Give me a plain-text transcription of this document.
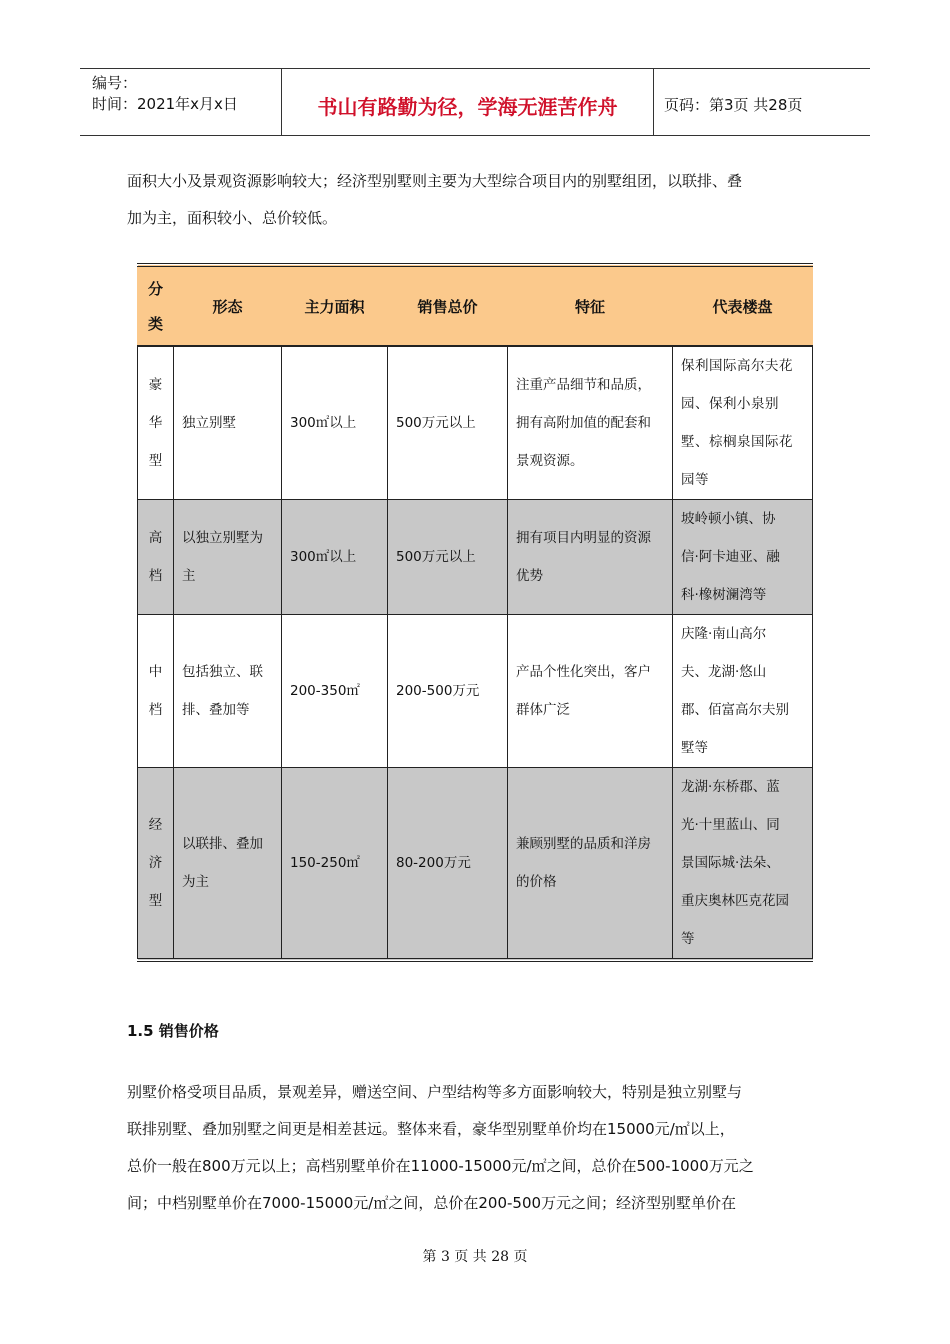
编号：
时间：2021年x月x日	书山有路勤为径，学海无涯苦作舟	页码：第3页 共28页

面积大小及景观资源影响较大；经济型别墅则主要为大型综合项目内的别墅组团，以联排、叠

加为主，面积较小、总价较低。

分
类	形态	主力面积	销售总价	特征	代表楼盘

豪
华
型	独立别墅	300㎡以上	500万元以上	注重产品细节和品质，
拥有高附加值的配套和
景观资源。	保利国际高尔夫花
园、保利小泉别
墅、棕榈泉国际花
园等

高
档	以独立别墅为
主	300㎡以上	500万元以上	拥有项目内明显的资源
优势	坡岭顿小镇、协
信·阿卡迪亚、融
科·橡树澜湾等

中
档	包括独立、联
排、叠加等	200-350㎡	200-500万元	产品个性化突出，客户
群体广泛	庆隆·南山高尔
夫、龙湖·悠山
郡、佰富高尔夫别
墅等

经
济
型	以联排、叠加
为主	150-250㎡	80-200万元	兼顾别墅的品质和洋房
的价格	龙湖·东桥郡、蓝
光·十里蓝山、同
景国际城·法朵、
重庆奥林匹克花园
等
1.5 销售价格

别墅价格受项目品质，景观差异，赠送空间、户型结构等多方面影响较大，特别是独立别墅与

联排别墅、叠加别墅之间更是相差甚远。整体来看，豪华型别墅单价均在15000元/㎡以上，

总价一般在800万元以上；高档别墅单价在11000-15000元/㎡之间，总价在500-1000万元之

间；中档别墅单价在7000-15000元/㎡之间，总价在200-500万元之间；经济型别墅单价在

第 3 页 共 28 页
